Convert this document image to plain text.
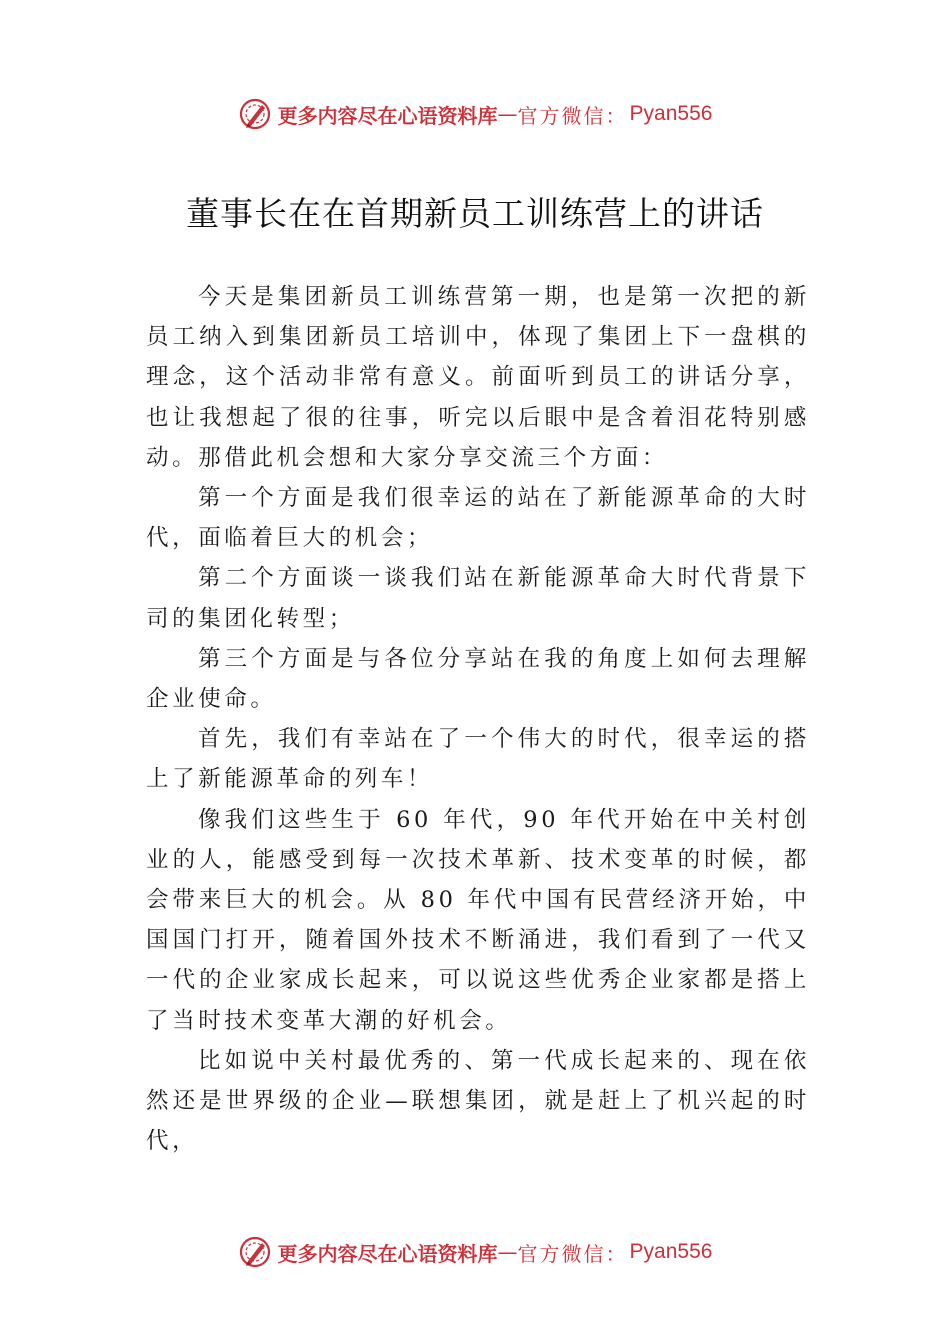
更多内容尽在心语资料库 — 官方微信： Pyan556
董事长在在首期新员工训练营上的讲话

今天是集团新员工训练营第一期，也是第一次把的新员工纳入到集团新员工培训中，体现了集团上下一盘棋的理念，这个活动非常有意义。前面听到员工的讲话分享，也让我想起了很的往事，听完以后眼中是含着泪花特别感动。那借此机会想和大家分享交流三个方面：

第一个方面是我们很幸运的站在了新能源革命的大时代，面临着巨大的机会；

第二个方面谈一谈我们站在新能源革命大时代背景下司的集团化转型；

第三个方面是与各位分享站在我的角度上如何去理解企业使命。

首先，我们有幸站在了一个伟大的时代，很幸运的搭上了新能源革命的列车！

像我们这些生于 60 年代，90 年代开始在中关村创业的人，能感受到每一次技术革新、技术变革的时候，都会带来巨大的机会。从 80 年代中国有民营经济开始，中国国门打开，随着国外技术不断涌进，我们看到了一代又一代的企业家成长起来，可以说这些优秀企业家都是搭上了当时技术变革大潮的好机会。

比如说中关村最优秀的、第一代成长起来的、现在依然还是世界级的企业—联想集团，就是赶上了机兴起的时代，

更多内容尽在心语资料库 — 官方微信： Pyan556
